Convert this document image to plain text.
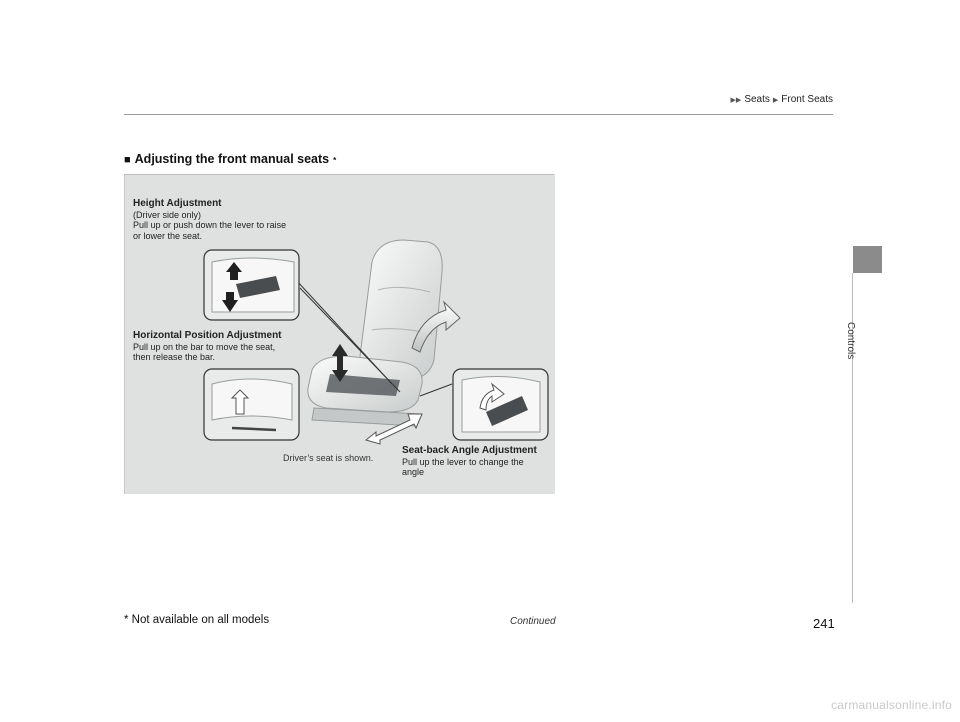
▶▶ Seats ▶ Front Seats
Controls
■ Adjusting the front manual seats *
Height Adjustment
(Driver side only)
Pull up or push down the lever to raise
or lower the seat.
Horizontal Position Adjustment
Pull up on the bar to move the seat,
then release the bar.
Seat-back Angle Adjustment
Pull up the lever to change the
angle
Driver’s seat is shown.
* Not available on all models	Continued	241
carmanualsonline.info
